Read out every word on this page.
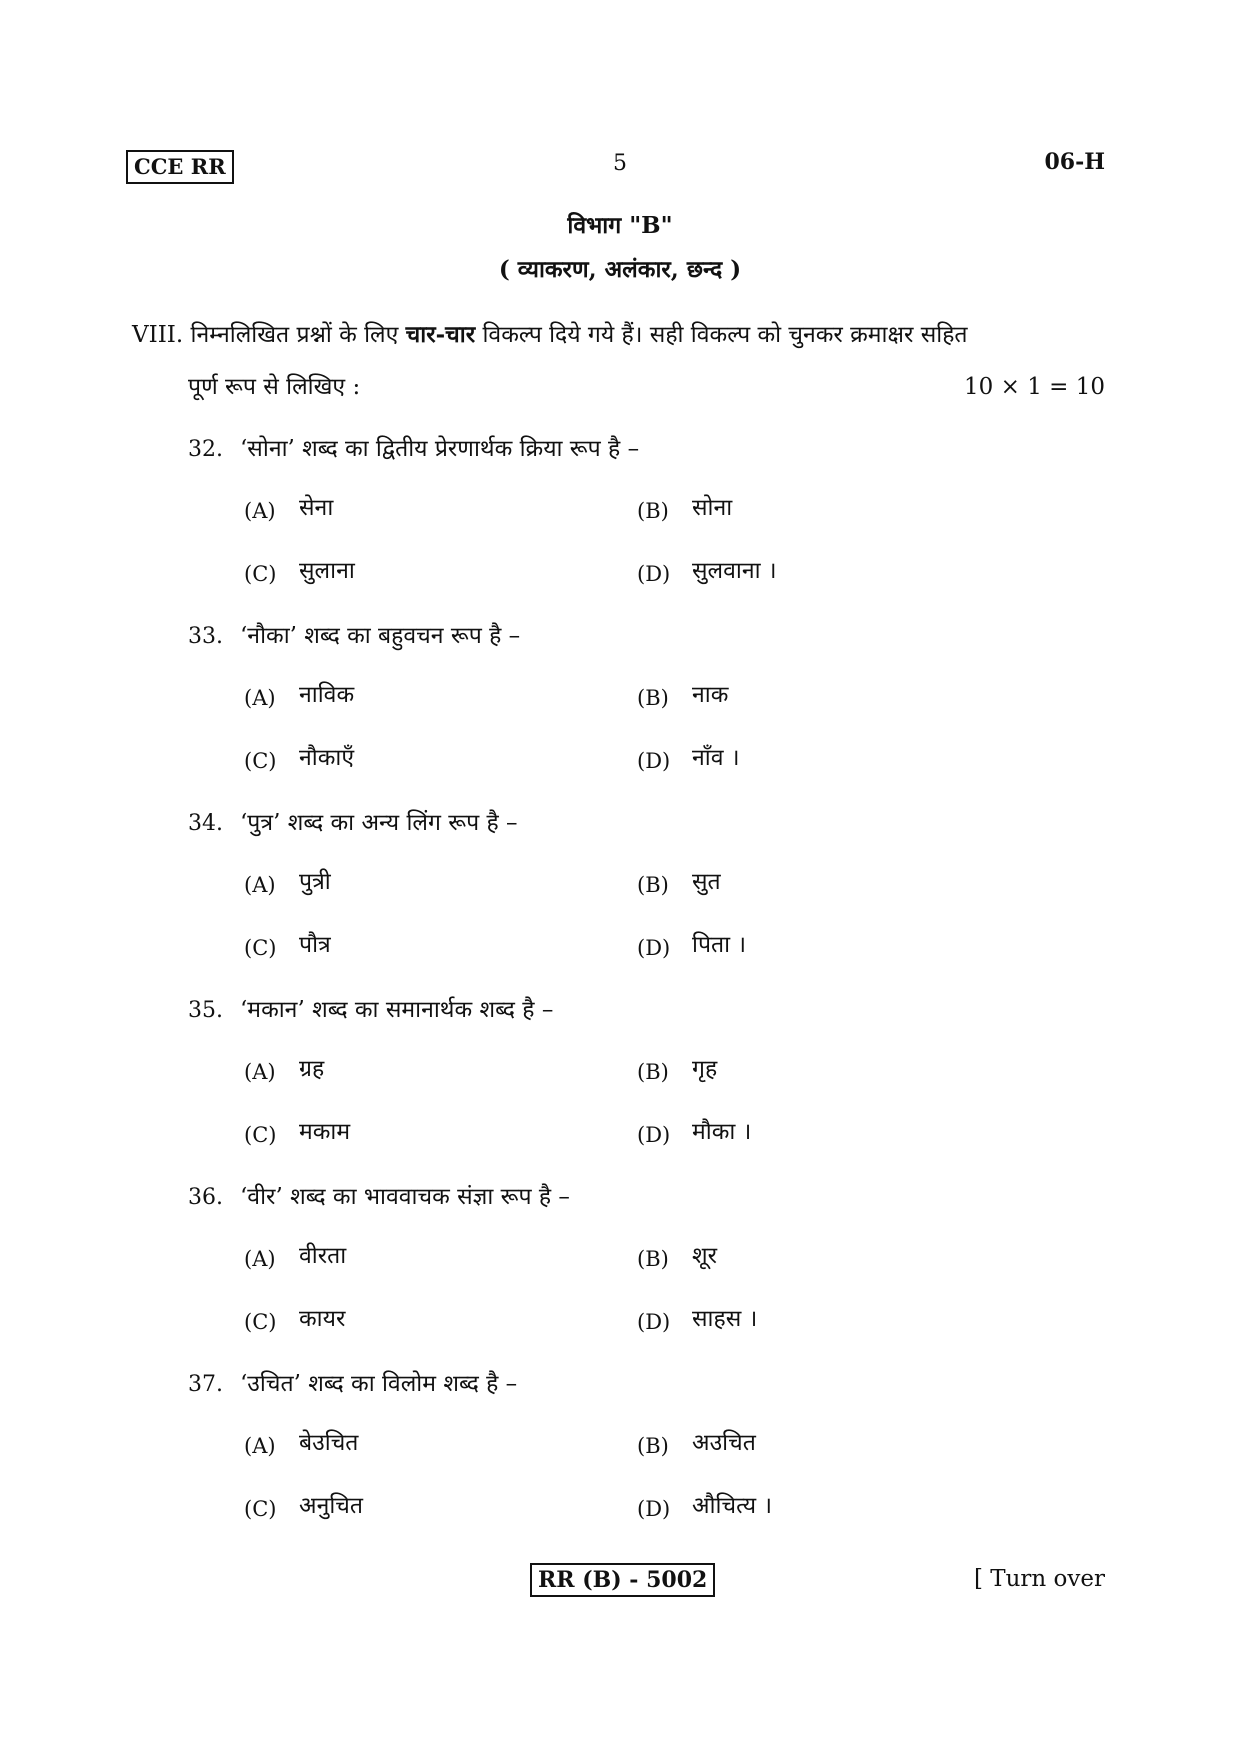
CCE RR	5	06-H
विभाग "B"
( व्याकरण, अलंकार, छन्द )
VIII. निम्नलिखित प्रश्नों के लिए चार-चार विकल्प दिये गये हैं। सही विकल्प को चुनकर क्रमाक्षर सहित
पूर्ण रूप से लिखिए :	10 × 1 = 10
32. ‘सोना’ शब्द का द्वितीय प्रेरणार्थक क्रिया रूप है –
(A) सेना	(B) सोना
(C) सुलाना	(D) सुलवाना ।
33. ‘नौका’ शब्द का बहुवचन रूप है –
(A) नाविक	(B) नाक
(C) नौकाएँ	(D) नाँव ।
34. ‘पुत्र’ शब्द का अन्य लिंग रूप है –
(A) पुत्री	(B) सुत
(C) पौत्र	(D) पिता ।
35. ‘मकान’ शब्द का समानार्थक शब्द है –
(A) ग्रह	(B) गृह
(C) मकाम	(D) मौका ।
36. ‘वीर’ शब्द का भाववाचक संज्ञा रूप है –
(A) वीरता	(B) शूर
(C) कायर	(D) साहस ।
37. ‘उचित’ शब्द का विलोम शब्द है –
(A) बेउचित	(B) अउचित
(C) अनुचित	(D) औचित्य ।
RR (B) - 5002	[ Turn over
